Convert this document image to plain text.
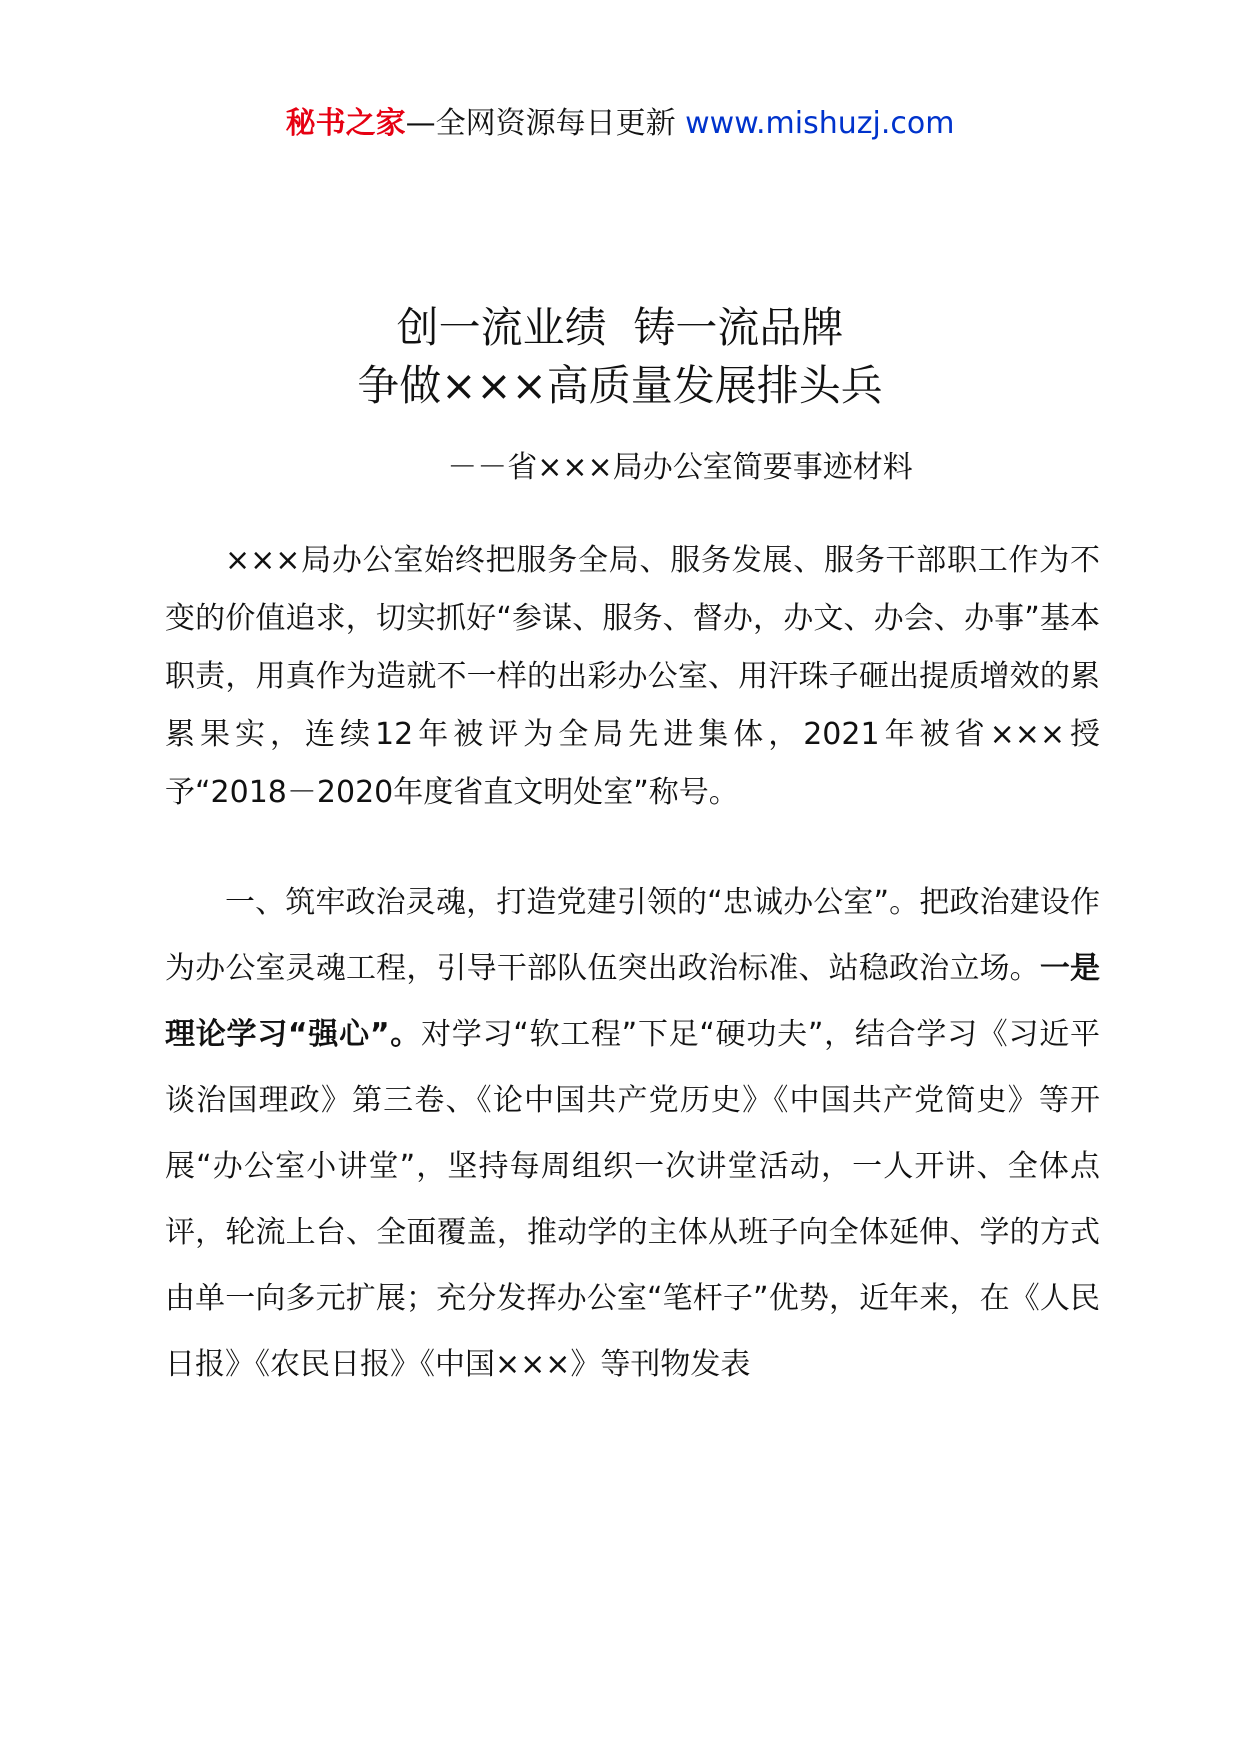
秘书之家—全网资源每日更新 www.mishuzj.com
创一流业绩  铸一流品牌
争做×××高质量发展排头兵
－－省×××局办公室简要事迹材料

×××局办公室始终把服务全局、服务发展、服务干部职工作为不变的价值追求，切实抓好“参谋、服务、督办，办文、办会、办事”基本职责，用真作为造就不一样的出彩办公室、用汗珠子砸出提质增效的累累果实，连续12年被评为全局先进集体，2021年被省×××授予“2018－2020年度省直文明处室”称号。

一、筑牢政治灵魂，打造党建引领的“忠诚办公室”。把政治建设作为办公室灵魂工程，引导干部队伍突出政治标准、站稳政治立场。一是理论学习“强心”。对学习“软工程”下足“硬功夫”，结合学习《习近平谈治国理政》第三卷、《论中国共产党历史》《中国共产党简史》等开展“办公室小讲堂”，坚持每周组织一次讲堂活动，一人开讲、全体点评，轮流上台、全面覆盖，推动学的主体从班子向全体延伸、学的方式由单一向多元扩展；充分发挥办公室“笔杆子”优势，近年来，在《人民日报》《农民日报》《中国×××》等刊物发表
